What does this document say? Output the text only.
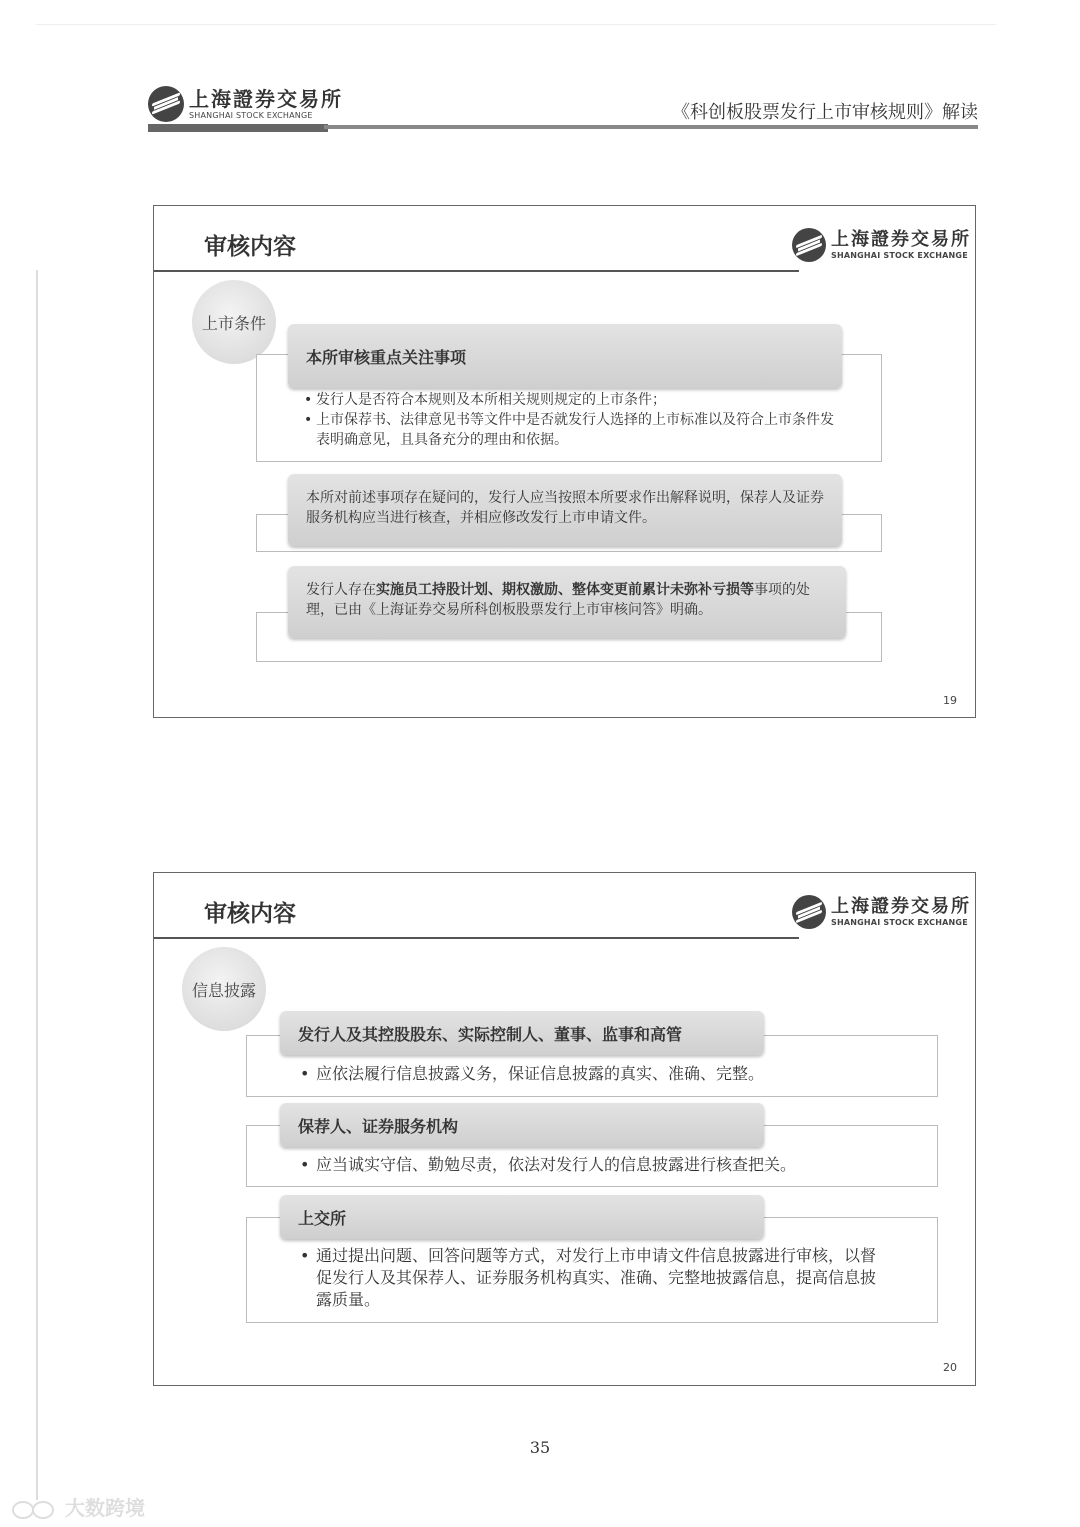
上海證券交易所
SHANGHAI STOCK EXCHANGE	《科创板股票发行上市审核规则》解读
审核内容	上海證券交易所
SHANGHAI STOCK EXCHANGE
上市条件
本所审核重点关注事项
• 发行人是否符合本规则及本所相关规则规定的上市条件；
• 上市保荐书、法律意见书等文件中是否就发行人选择的上市标准以及符合上市条件发表明确意见，且具备充分的理由和依据。
本所对前述事项存在疑问的，发行人应当按照本所要求作出解释说明，保荐人及证券服务机构应当进行核查，并相应修改发行上市申请文件。
发行人存在实施员工持股计划、期权激励、整体变更前累计未弥补亏损等事项的处理，已由《上海证券交易所科创板股票发行上市审核问答》明确。
19
审核内容	上海證券交易所
SHANGHAI STOCK EXCHANGE
信息披露
发行人及其控股股东、实际控制人、董事、监事和高管
• 应依法履行信息披露义务，保证信息披露的真实、准确、完整。
保荐人、证券服务机构
• 应当诚实守信、勤勉尽责，依法对发行人的信息披露进行核查把关。
上交所
• 通过提出问题、回答问题等方式，对发行上市申请文件信息披露进行审核，以督促发行人及其保荐人、证券服务机构真实、准确、完整地披露信息，提高信息披露质量。
20
35
大数跨境
